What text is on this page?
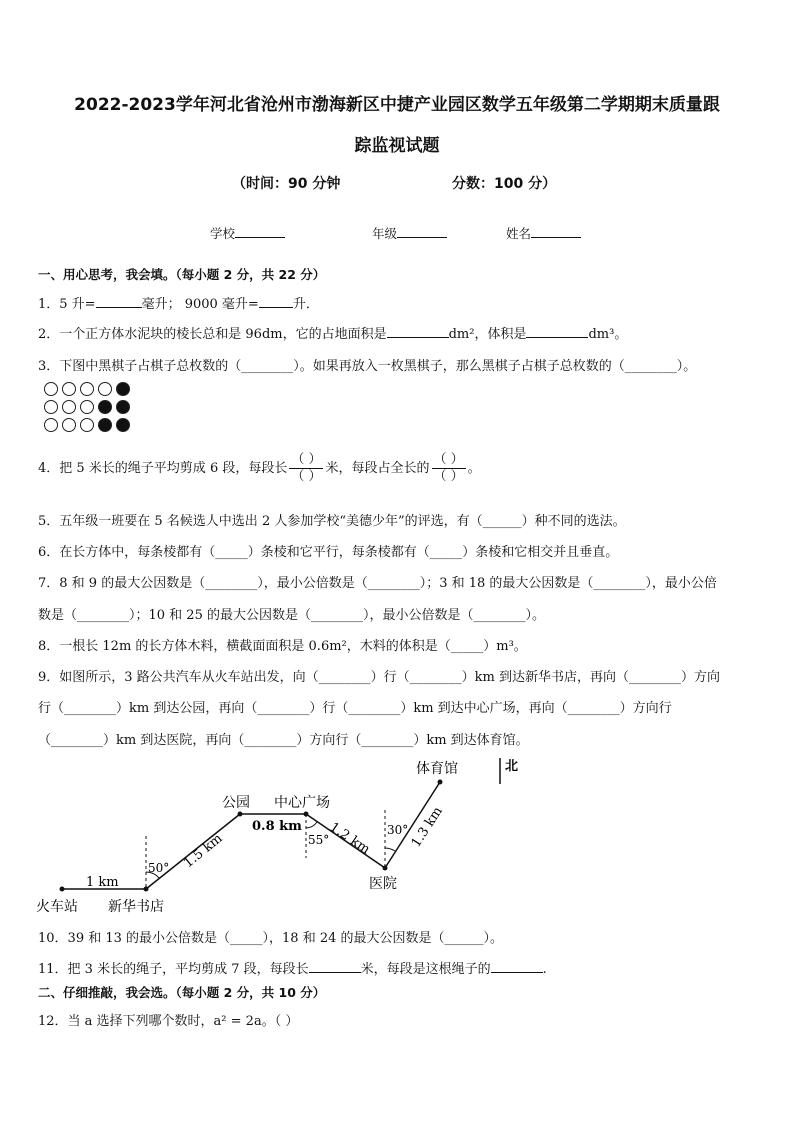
2022-2023学年河北省沧州市渤海新区中捷产业园区数学五年级第二学期期末质量跟
踪监视试题
（时间：90 分钟	分数：100 分）
学校	年级	姓名
一、用心思考，我会填。（每小题 2 分，共 22 分）
1．5 升=	毫升； 9000 毫升=	升．
2．一个正方体水泥块的棱长总和是 96dm，它的占地面积是	dm²，体积是	dm³。
3．下图中黑棋子占棋子总枚数的（________）。如果再放入一枚黑棋子，那么黑棋子占棋子总枚数的（________）。
4．把 5 米长的绳子平均剪成 6 段，每段长 $\frac{( )}{( )}$ 米，每段占全长的 $\frac{( )}{( )}$ 。
5．五年级一班要在 5 名候选人中选出 2 人参加学校“美德少年”的评选，有（______）种不同的选法。
6．在长方体中，每条棱都有（_____）条棱和它平行，每条棱都有（_____）条棱和它相交并且垂直。
7．8 和 9 的最大公因数是（________），最小公倍数是（________）；3 和 18 的最大公因数是（________），最小公倍
数是（________）；10 和 25 的最大公因数是（________），最小公倍数是（________）。
8．一根长 12m 的长方体木料，横截面面积是 0.6m²，木料的体积是（_____）m³。
9．如图所示，3 路公共汽车从火车站出发，向（________）行（________）km 到达新华书店，再向（________）方向
行（________）km 到达公园，再向（________）行（________）km 到达中心广场，再向（________）方向行
（________）km 到达医院，再向（________）方向行（________）km 到达体育馆。
北
火车站 新华书店
公园 中心广场
医院
体育馆
1 km
1.5 km
0.8 km 1.2 km	1.3 km
50°
55°
30°
10．39 和 13 的最小公倍数是（_____），18 和 24 的最大公因数是（______）。
11．把 3 米长的绳子，平均剪成 7 段，每段长	米，每段是这根绳子的	.
二、仔细推敲，我会选。（每小题 2 分，共 10 分）
12．当 a 选择下列哪个数时，a² = 2a。（ ）
